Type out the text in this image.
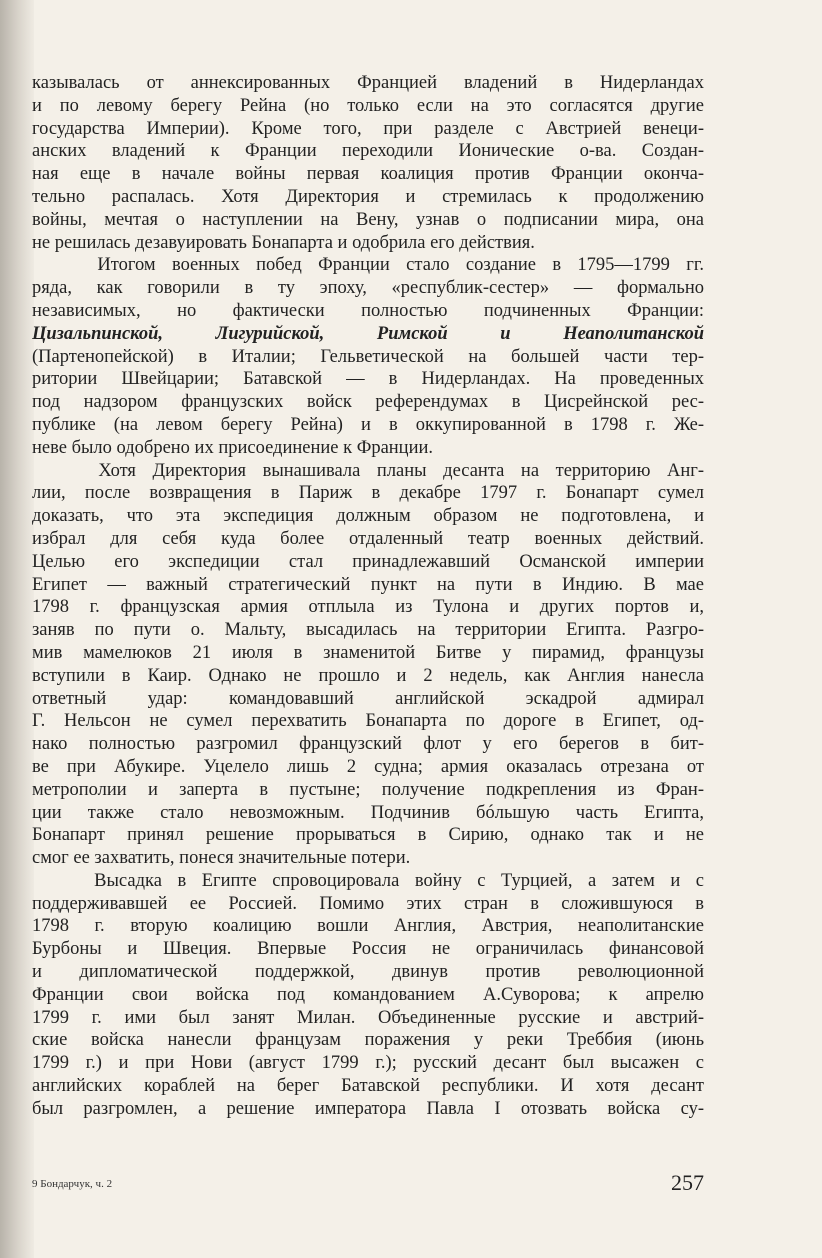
казывалась от аннексированных Францией владений в Нидерландах
и по левому берегу Рейна (но только если на это согласятся другие
государства Империи). Кроме того, при разделе с Австрией венеци-
анских владений к Франции переходили Ионические о-ва. Создан-
ная еще в начале войны первая коалиция против Франции оконча-
тельно распалась. Хотя Директория и стремилась к продолжению
войны, мечтая о наступлении на Вену, узнав о подписании мира, она
не решилась дезавуировать Бонапарта и одобрила его действия.
Итогом военных побед Франции стало создание в 1795—1799 гг.
ряда, как говорили в ту эпоху, «республик-сестер» — формально
независимых, но фактически полностью подчиненных Франции:
Цизальпинской, Лигурийской, Римской и Неаполитанской
(Партенопейской) в Италии; Гельветической на большей части тер-
ритории Швейцарии; Батавской — в Нидерландах. На проведенных
под надзором французских войск референдумах в Цисрейнской рес-
публике (на левом берегу Рейна) и в оккупированной в 1798 г. Же-
неве было одобрено их присоединение к Франции.
Хотя Директория вынашивала планы десанта на территорию Анг-
лии, после возвращения в Париж в декабре 1797 г. Бонапарт сумел
доказать, что эта экспедиция должным образом не подготовлена, и
избрал для себя куда более отдаленный театр военных действий.
Целью его экспедиции стал принадлежавший Османской империи
Египет — важный стратегический пункт на пути в Индию. В мае
1798 г. французская армия отплыла из Тулона и других портов и,
заняв по пути о. Мальту, высадилась на территории Египта. Разгро-
мив мамелюков 21 июля в знаменитой Битве у пирамид, французы
вступили в Каир. Однако не прошло и 2 недель, как Англия нанесла
ответный удар: командовавший английской эскадрой адмирал
Г. Нельсон не сумел перехватить Бонапарта по дороге в Египет, од-
нако полностью разгромил французский флот у его берегов в бит-
ве при Абукире. Уцелело лишь 2 судна; армия оказалась отрезана от
метрополии и заперта в пустыне; получение подкрепления из Фран-
ции также стало невозможным. Подчинив бóльшую часть Египта,
Бонапарт принял решение прорываться в Сирию, однако так и не
смог ее захватить, понеся значительные потери.
Высадка в Египте спровоцировала войну с Турцией, а затем и с
поддерживавшей ее Россией. Помимо этих стран в сложившуюся в
1798 г. вторую коалицию вошли Англия, Австрия, неаполитанские
Бурбоны и Швеция. Впервые Россия не ограничилась финансовой
и дипломатической поддержкой, двинув против революционной
Франции свои войска под командованием А.Суворова; к апрелю
1799 г. ими был занят Милан. Объединенные русские и австрий-
ские войска нанесли французам поражения у реки Треббия (июнь
1799 г.) и при Нови (август 1799 г.); русский десант был высажен с
английских кораблей на берег Батавской республики. И хотя десант
был разгромлен, а решение императора Павла I отозвать войска су-
9 Бондарчук, ч. 2	257
